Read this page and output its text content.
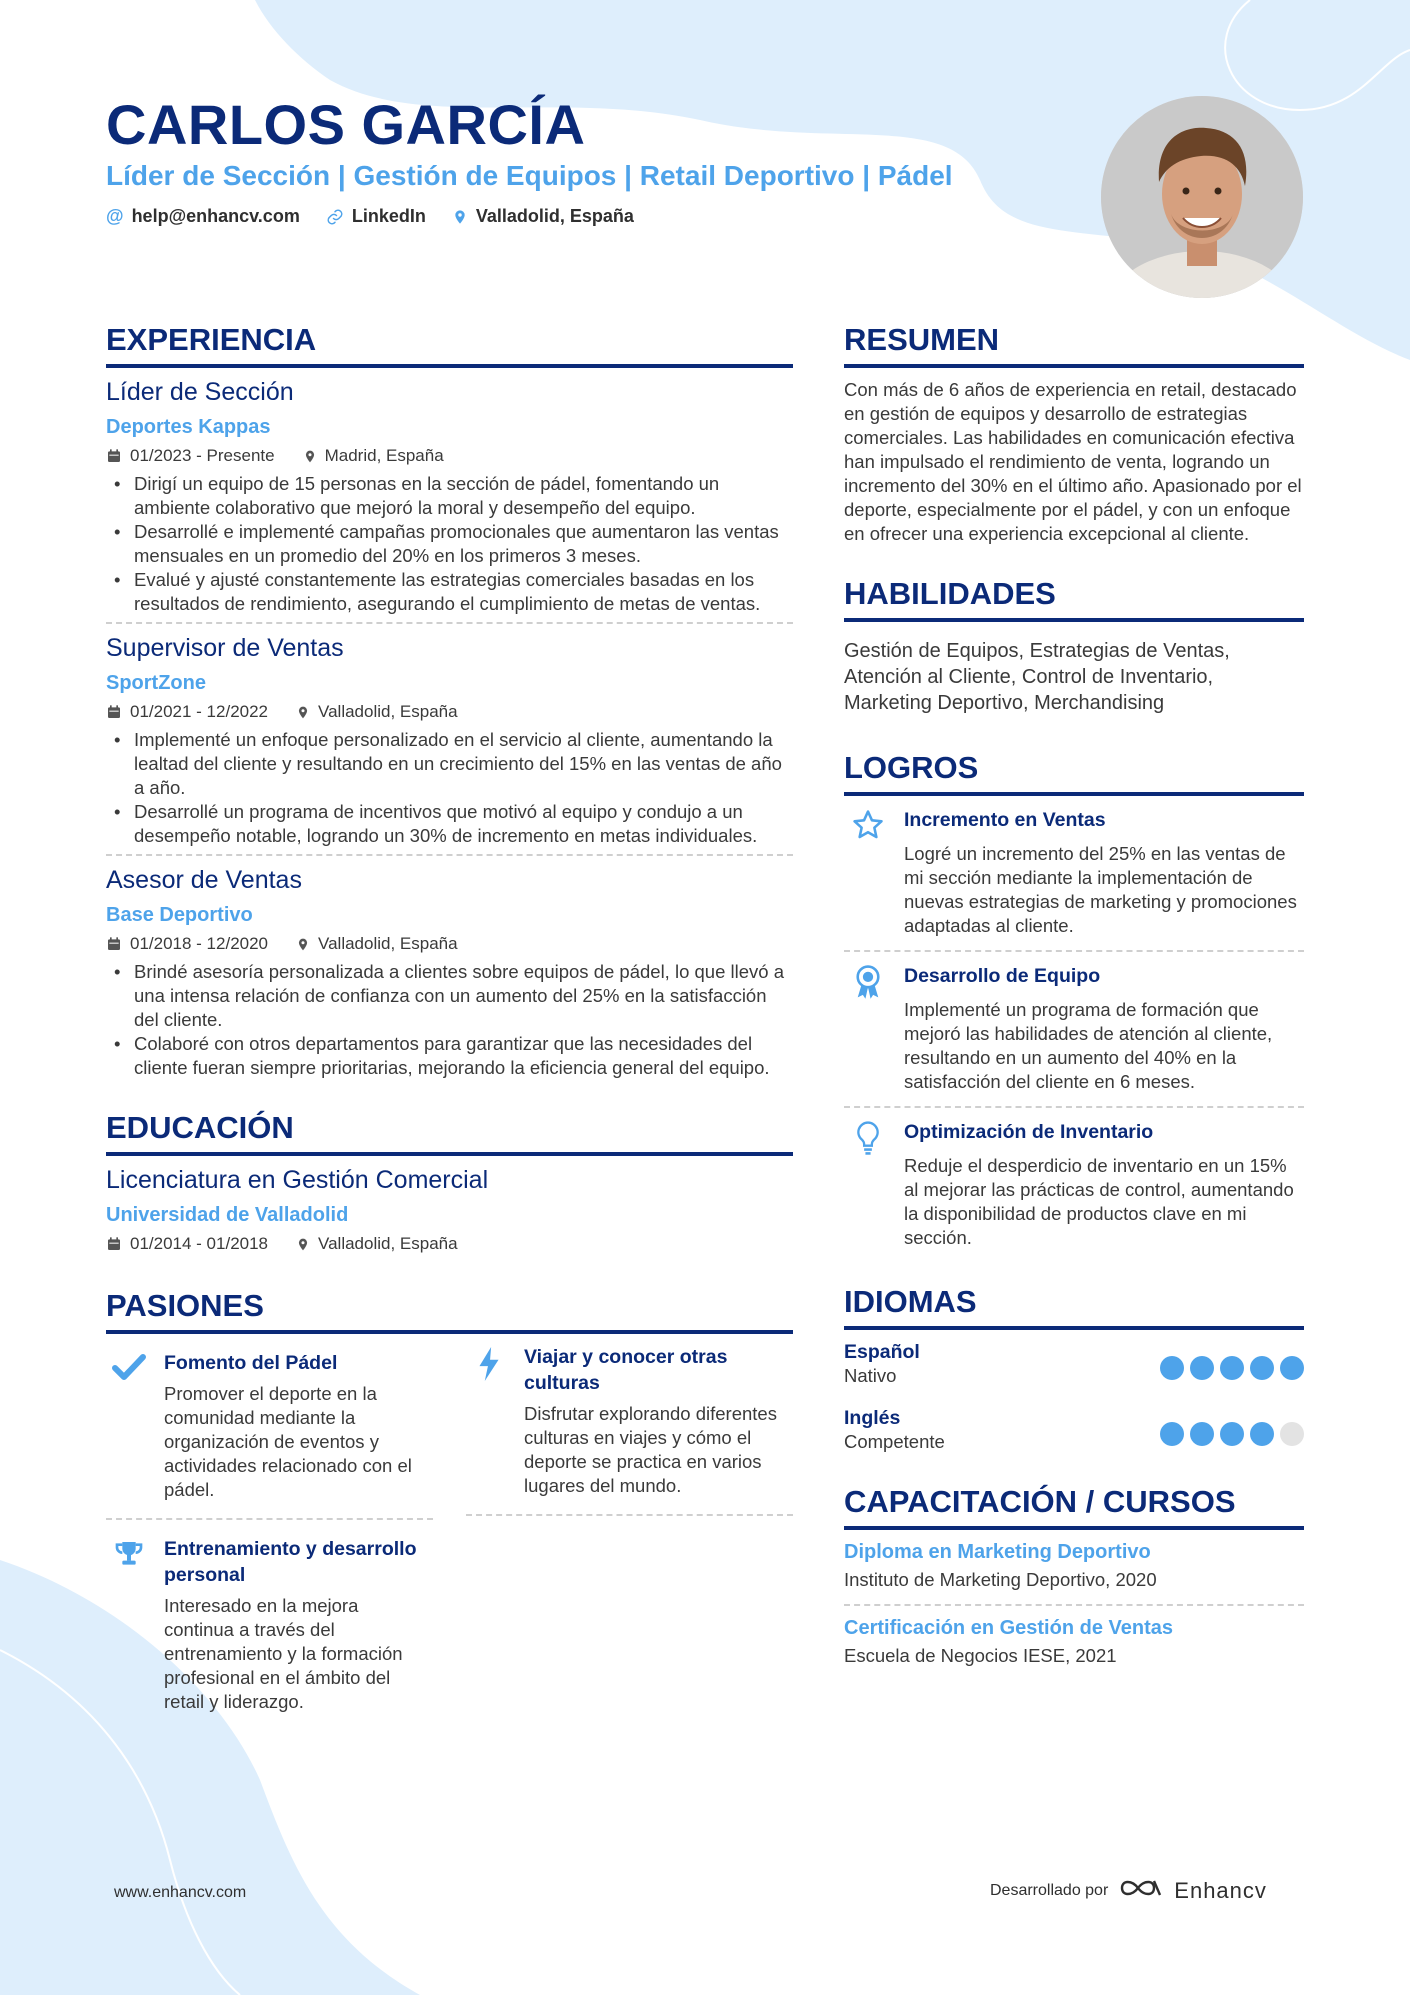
CARLOS GARCÍA
Líder de Sección | Gestión de Equipos | Retail Deportivo | Pádel
@ help@enhancv.com	LinkedIn	Valladolid, España
EXPERIENCIA
Líder de Sección
Deportes Kappas
01/2023 - Presente	Madrid, España
• Dirigí un equipo de 15 personas en la sección de pádel, fomentando un ambiente colaborativo que mejoró la moral y desempeño del equipo.
• Desarrollé e implementé campañas promocionales que aumentaron las ventas mensuales en un promedio del 20% en los primeros 3 meses.
• Evalué y ajusté constantemente las estrategias comerciales basadas en los resultados de rendimiento, asegurando el cumplimiento de metas de ventas.
Supervisor de Ventas
SportZone
01/2021 - 12/2022	Valladolid, España
• Implementé un enfoque personalizado en el servicio al cliente, aumentando la lealtad del cliente y resultando en un crecimiento del 15% en las ventas de año a año.
• Desarrollé un programa de incentivos que motivó al equipo y condujo a un desempeño notable, logrando un 30% de incremento en metas individuales.
Asesor de Ventas
Base Deportivo
01/2018 - 12/2020	Valladolid, España
• Brindé asesoría personalizada a clientes sobre equipos de pádel, lo que llevó a una intensa relación de confianza con un aumento del 25% en la satisfacción del cliente.
• Colaboré con otros departamentos para garantizar que las necesidades del cliente fueran siempre prioritarias, mejorando la eficiencia general del equipo.
EDUCACIÓN
Licenciatura en Gestión Comercial
Universidad de Valladolid
01/2014 - 01/2018	Valladolid, España
PASIONES
Fomento del Pádel
Promover el deporte en la comunidad mediante la organización de eventos y actividades relacionado con el pádel.
Entrenamiento y desarrollo personal
Interesado en la mejora continua a través del entrenamiento y la formación profesional en el ámbito del retail y liderazgo.
Viajar y conocer otras culturas
Disfrutar explorando diferentes culturas en viajes y cómo el deporte se practica en varios lugares del mundo.
RESUMEN
Con más de 6 años de experiencia en retail, destacado en gestión de equipos y desarrollo de estrategias comerciales. Las habilidades en comunicación efectiva han impulsado el rendimiento de venta, logrando un incremento del 30% en el último año. Apasionado por el deporte, especialmente por el pádel, y con un enfoque en ofrecer una experiencia excepcional al cliente.
HABILIDADES
Gestión de Equipos, Estrategias de Ventas, Atención al Cliente, Control de Inventario, Marketing Deportivo, Merchandising
LOGROS
Incremento en Ventas
Logré un incremento del 25% en las ventas de mi sección mediante la implementación de nuevas estrategias de marketing y promociones adaptadas al cliente.
Desarrollo de Equipo
Implementé un programa de formación que mejoró las habilidades de atención al cliente, resultando en un aumento del 40% en la satisfacción del cliente en 6 meses.
Optimización de Inventario
Reduje el desperdicio de inventario en un 15% al mejorar las prácticas de control, aumentando la disponibilidad de productos clave en mi sección.
IDIOMAS
Español
Nativo
Inglés
Competente
CAPACITACIÓN / CURSOS
Diploma en Marketing Deportivo
Instituto de Marketing Deportivo, 2020
Certificación en Gestión de Ventas
Escuela de Negocios IESE, 2021
www.enhancv.com	Desarrollado por	Enhancv
